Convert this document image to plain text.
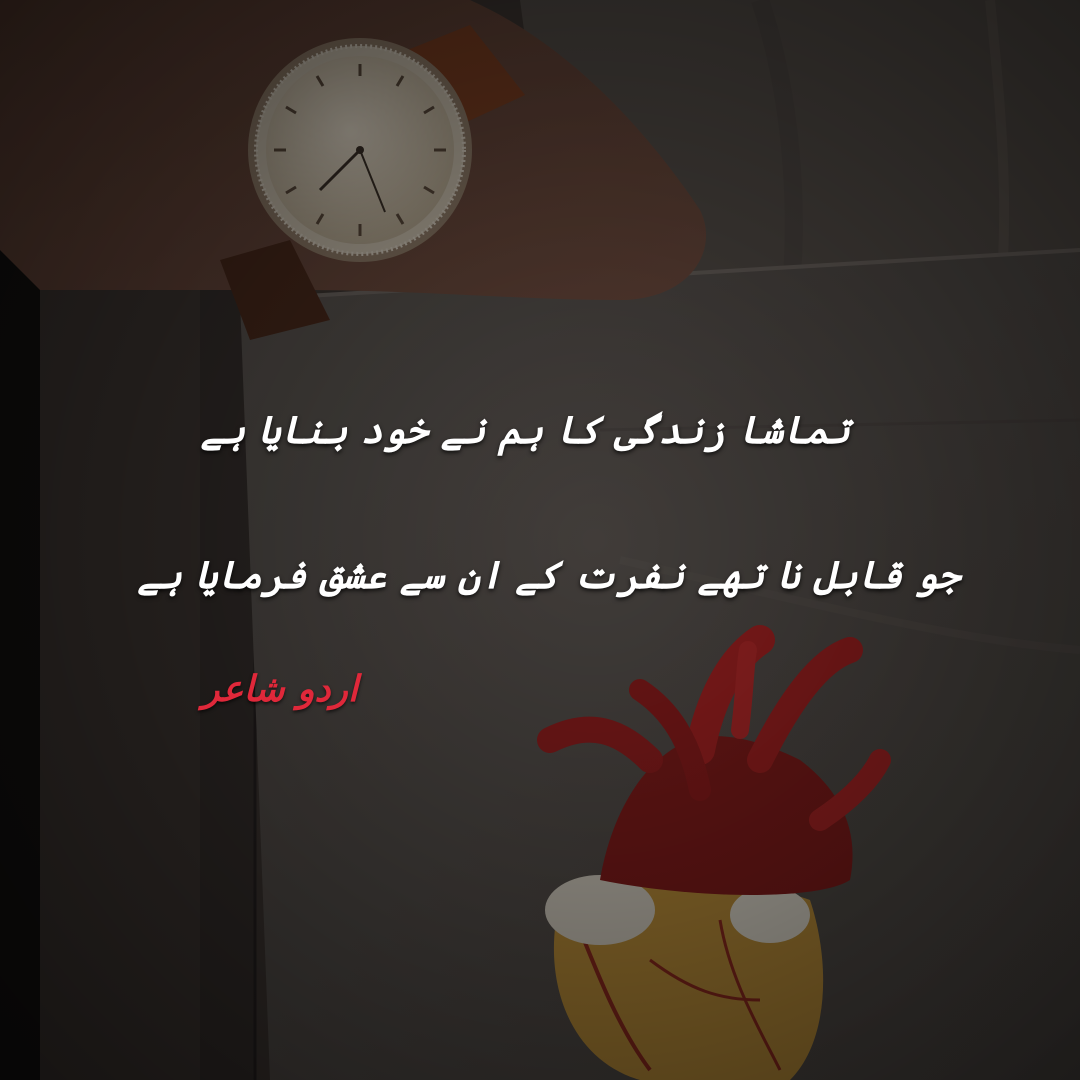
تماشا زندگی کا ہم نے خود بنایا ہے
جو قابل نا تھے نفرت کے ان سے عشق فرمایا ہے
اردو شاعر
